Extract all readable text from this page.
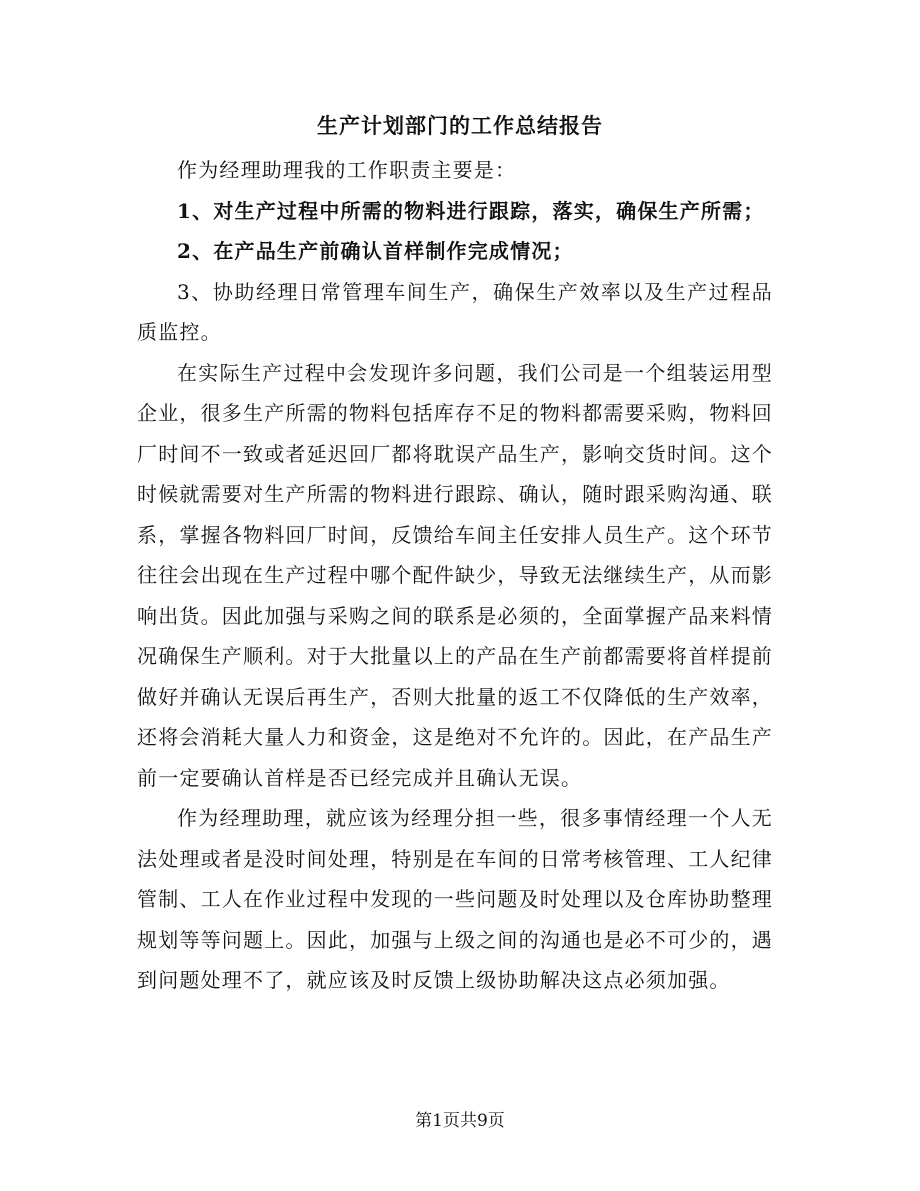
生产计划部门的工作总结报告

作为经理助理我的工作职责主要是：

1、对生产过程中所需的物料进行跟踪，落实，确保生产所需；

2、在产品生产前确认首样制作完成情况；

3、协助经理日常管理车间生产，确保生产效率以及生产过程品质监控。

在实际生产过程中会发现许多问题，我们公司是一个组装运用型企业，很多生产所需的物料包括库存不足的物料都需要采购，物料回厂时间不一致或者延迟回厂都将耽误产品生产，影响交货时间。这个时候就需要对生产所需的物料进行跟踪、确认，随时跟采购沟通、联系，掌握各物料回厂时间，反馈给车间主任安排人员生产。这个环节往往会出现在生产过程中哪个配件缺少，导致无法继续生产，从而影响出货。因此加强与采购之间的联系是必须的，全面掌握产品来料情况确保生产顺利。对于大批量以上的产品在生产前都需要将首样提前做好并确认无误后再生产，否则大批量的返工不仅降低的生产效率，还将会消耗大量人力和资金，这是绝对不允许的。因此，在产品生产前一定要确认首样是否已经完成并且确认无误。

作为经理助理，就应该为经理分担一些，很多事情经理一个人无法处理或者是没时间处理，特别是在车间的日常考核管理、工人纪律管制、工人在作业过程中发现的一些问题及时处理以及仓库协助整理规划等等问题上。因此，加强与上级之间的沟通也是必不可少的，遇到问题处理不了，就应该及时反馈上级协助解决这点必须加强。

第1页共9页
